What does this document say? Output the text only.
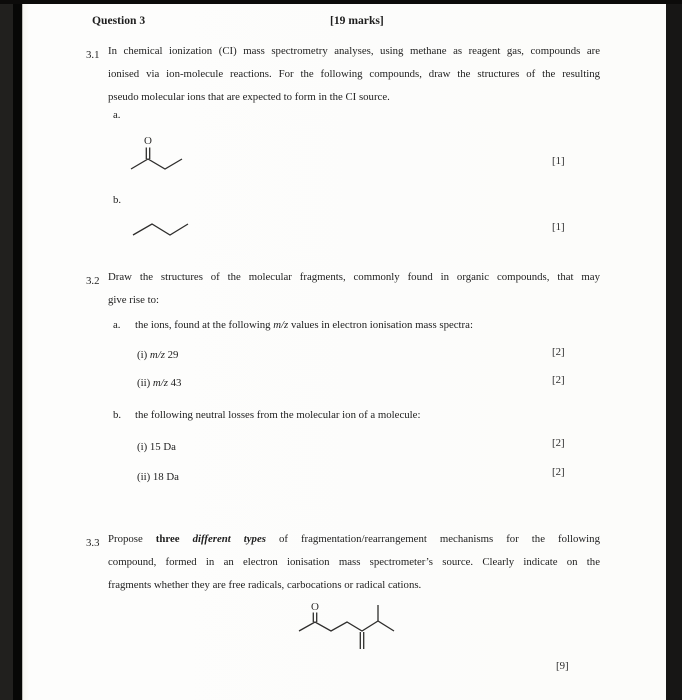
Question 3	[19 marks]
3.1 In chemical ionization (CI) mass spectrometry analyses, using methane as reagent gas, compounds are
ionised via ion-molecule reactions. For the following compounds, draw the structures of the resulting
pseudo molecular ions that are expected to form in the CI source.
a.
O
[1]
b.
[1]
3.2 Draw the structures of the molecular fragments, commonly found in organic compounds, that may
give rise to:
a. the ions, found at the following m/z values in electron ionisation mass spectra:
(i) m/z 29	[2]
(ii) m/z 43	[2]
b. the following neutral losses from the molecular ion of a molecule:
(i) 15 Da	[2]
(ii) 18 Da	[2]
3.3 Propose three different types of fragmentation/rearrangement mechanisms for the following
compound, formed in an electron ionisation mass spectrometer’s source. Clearly indicate on the
fragments whether they are free radicals, carbocations or radical cations.
O
[9]
